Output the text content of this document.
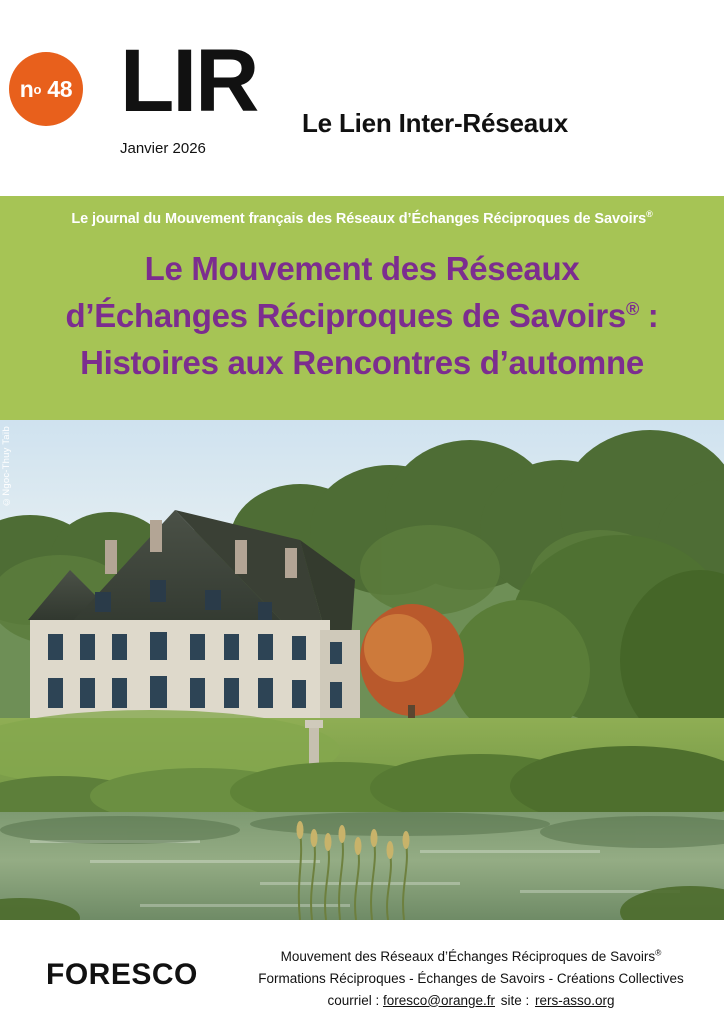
n o
48 LIR Le Lien Inter-Réseaux
Janvier 2026
Le journal du Mouvement français des Réseaux d’Échanges Réciproques de Savoirs®
Le Mouvement des Réseaux
d’Échanges Réciproques de Savoirs® :
Histoires aux Rencontres d’automne
©Ngoc-Thuy Taïb
FORESCO
Mouvement des Réseaux d’Échanges Réciproques de Savoirs®
Formations Réciproques - Échanges de Savoirs - Créations Collectives
courriel : foresco@orange.fr site : rers-asso.org
